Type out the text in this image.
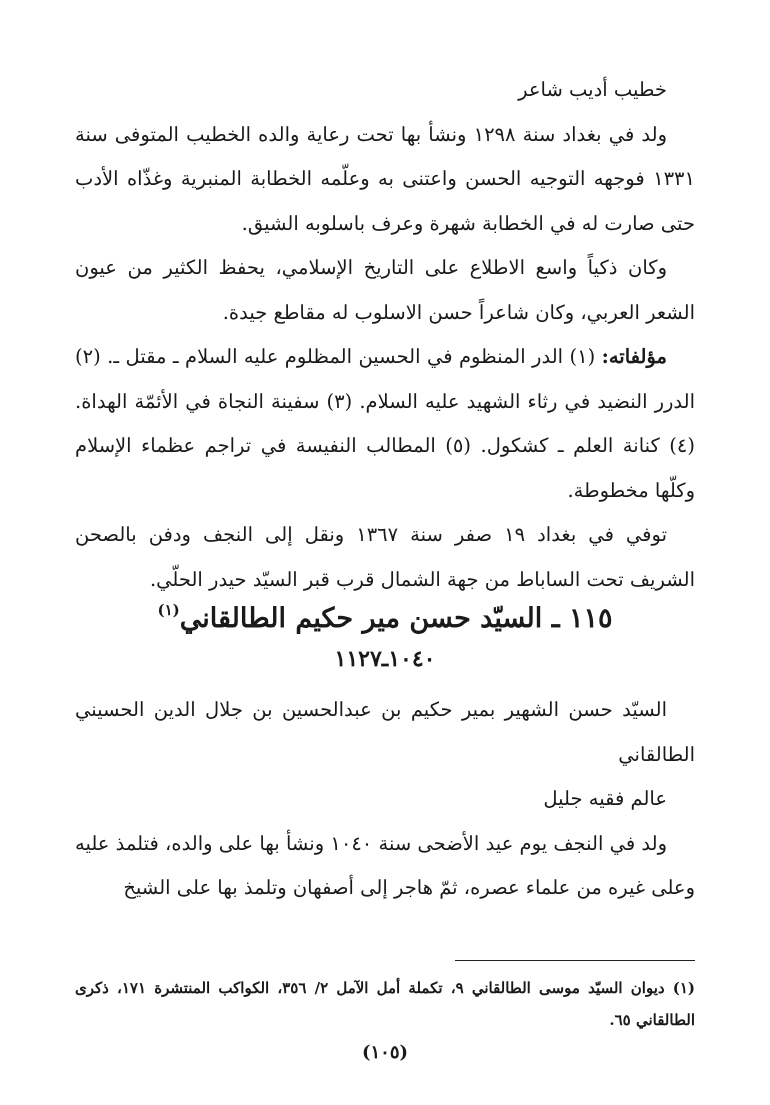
خطيب أديب شاعر

ولد في بغداد سنة ١٢٩٨ ونشأ بها تحت رعاية والده الخطيب المتوفى سنة ١٣٣١ فوجهه التوجيه الحسن واعتنى به وعلّمه الخطابة المنبرية وغذّاه الأدب حتى صارت له في الخطابة شهرة وعرف باسلوبه الشيق.

وكان ذكياً واسع الاطلاع على التاريخ الإسلامي، يحفظ الكثير من عيون الشعر العربي، وكان شاعراً حسن الاسلوب له مقاطع جيدة.

مؤلفاته: (١) الدر المنظوم في الحسين المظلوم عليه السلام ـ مقتل ـ. (٢) الدرر النضيد في رثاء الشهيد عليه السلام. (٣) سفينة النجاة في الأئمّة الهداة. (٤) كنانة العلم ـ كشكول. (٥) المطالب النفيسة في تراجم عظماء الإسلام وكلّها مخطوطة.

توفي في بغداد ١٩ صفر سنة ١٣٦٧ ونقل إلى النجف ودفن بالصحن الشريف تحت الساباط من جهة الشمال قرب قبر السيّد حيدر الحلّي.

١١٥ ـ السيّد حسن مير حكيم الطالقاني$^{(١)}$
١٠٤٠ـ١١٢٧

السيّد حسن الشهير بمير حكيم بن عبدالحسين بن جلال الدين الحسيني الطالقاني

عالم فقيه جليل

ولد في النجف يوم عيد الأضحى سنة ١٠٤٠ ونشأ بها على والده، فتلمذ عليه وعلى غيره من علماء عصره، ثمّ هاجر إلى أصفهان وتلمذ بها على الشيخ

(١) ديوان السيّد موسى الطالقاني ٩، تكملة أمل الآمل ٢/ ٣٥٦، الكواكب المنتشرة ١٧١، ذكرى الطالقاني ٦٥.
(١٠٥)
